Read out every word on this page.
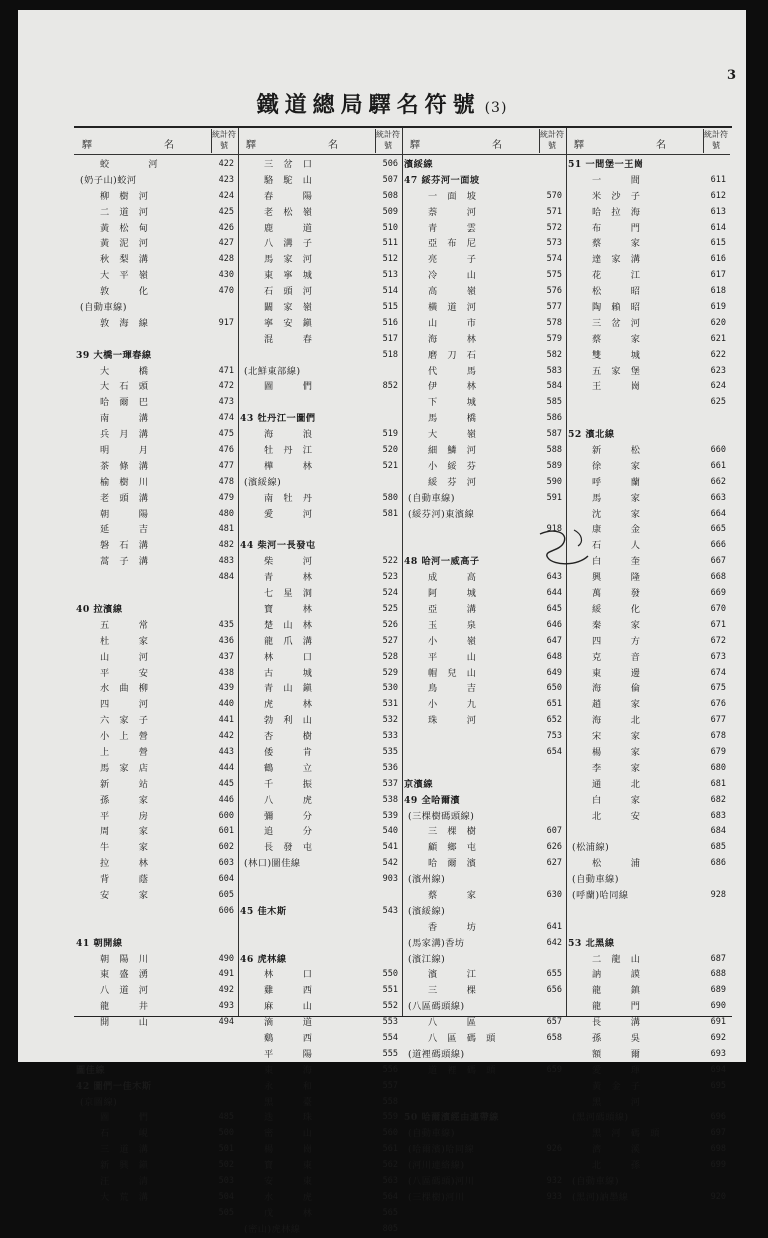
3
鐵道總局驛名符號 (3)
驛	名
統計符號
蛟　　　　河	422
(奶子山)蛟河	423
柳　樹　河	424
二　道　河	425
黃　松　甸	426
黃　泥　河	427
秋　梨　溝	428
大　平　嶺	430
敦　　　化	470
(自動車線)
敦　海　線	917
39 大橋一琿春線
大　　　橋	471
大　石　頭	472
哈　爾　巴	473
南　　　溝	474
兵　月　溝	475
明　　　月	476
茶　條　溝	477
榆　樹　川	478
老　頭　溝	479
朝　　　陽	480
延　　　吉	481
磐　石　溝	482
蒿　子　溝	483
484
40 拉濱線
五　　　常	435
杜　　　家	436
山　　　河	437
平　　　安	438
水　曲　柳	439
四　　　河	440
六　家　子	441
小　上　營	442
上　　　營	443
馬　家　店	444
新　　　站	445
孫　　　家	446
平　　　房	600
周　　　家	601
牛　　　家	602
拉　　　林	603
背　　　蔭	604
安　　　家	605
606
41 朝開線
朝　陽　川	490
東　盛　湧	491
八　道　河	492
龍　　　井	493
開　　　山	494
圖佳線
42 圖們一佳木斯
(京圖線)
圖　　　們	485
石　　　峴	500
三　道　溝	501
新　興　鎭	502
汪　　　清	503
大　荒　溝	504
505
驛	名
統計符號
三　岔　口	506
駱　駝　山	507
春　　　陽	508
老　松　嶺	509
鹿　　　道	510
八　溝　子	511
馬　家　河	512
東　寧　城	513
石　頭　河	514
闞　家　嶺	515
寧　安　鎭	516
混　　　春	517
518
(北鮮東部線)
圖　　　們	852
43 牡丹江一圖們
海　　　浪	519
牡　丹　江	520
樺　　　林	521
(濱綏線)
南　牡　丹	580
愛　　　河	581
44 柴河一長發屯
柴　　　河	522
青　　　林	523
七　星　洞	524
寶　　　林	525
楚　山　林	526
龍　爪　溝	527
林　　　口	528
古　　　城	529
青　山　鎭	530
虎　　　林	531
勃　利　山	532
杏　　　樹	533
倭　　　肯	535
鶴　　　立	536
千　　　振	537
八　　　虎	538
彌　　　分	539
追　　　分	540
長　發　屯	541
(林口)圖佳線	542
903
45 佳木斯	543
46 虎林線
林　　　口	550
雞　　　西	551
麻　　　山	552
滴　　　道	553
鷄　　　西	554
平　　　陽	555
東　　　海	556
永　　　和	557
黑　　　臺	558
迭　　　珠	559
密　　　山	560
楊　　　崗	561
寶　　　東	562
安　　　東	563
水　　　虎	564
戊　　　林	565
(密山)虎林線	805
驛	名
統計符號
濱綏線
47 綏芬河一面坡
一　面　坡	570
萘　　　河	571
青　　　雲	572
亞　布　尼	573
亮　　　子	574
冷　　　山	575
高　　　嶺	576
橫　道　河	577
山　　　市	578
海　　　林	579
磨　刀　石	582
代　　　馬	583
伊　　　林	584
下　　　城	585
馬　　　橋	586
大　　　嶺	587
細　鱗　河	588
小　綏　芬	589
綏　芬　河	590
(自動車線)	591
(綏芬河)東濱線
918
48 哈河一威高子
成　　　高	643
阿　　　城	644
亞　　　溝	645
玉　　　泉	646
小　　　嶺	647
平　　　山	648
帽　兒　山	649
鳥　　　吉	650
小　　　九	651
珠　　　河	652
753
654
京濱線
49 全哈爾濱
(三棵樹碼頭線)
三　棵　樹	607
顧　鄉　屯	626
哈　爾　濱	627
(濱州線)
蔡　　　家	630
(濱綏線)
香　　　坊	641
(馬家溝)香坊	642
(濱江線)
濱　　　江	655
三　　　棵	656
(八區碼頭線)
八　　　區	657
八　區　碼　頭	658
(道裡碼頭線)
道　裡　碼　頭	659
50 哈爾濱經由連帶線
(自動車線)
(哈爾濱)哈同線	926
(河川連絡線)
(八區碼頭)河川	932
(三棵樹)河川	933
驛	名
統計符號
51 一間堡一王崗
一　　　間	611
米　沙　子	612
哈　拉　海	613
布　　　門	614
蔡　　　家	615
達　家　溝	616
花　　　江	617
松　　　昭	618
陶　賴　昭	619
三　岔　河	620
蔡　　　家	621
雙　　　城	622
五　家　堡	623
王　　　崗	624
625
52 濱北線
新　　　松	660
徐　　　家	661
呼　　　蘭	662
馬　　　家	663
沈　　　家	664
康　　　金	665
石　　　人	666
白　　　奎	667
興　　　隆	668
萬　　　發	669
綏　　　化	670
秦　　　家	671
四　　　方	672
克　　　音	673
東　　　邊	674
海　　　倫	675
趙　　　家	676
海　　　北	677
宋　　　家	678
楊　　　家	679
李　　　家	680
通　　　北	681
白　　　家	682
北　　　安	683
684
(松浦線)	685
松　　　浦	686
(自動車線)
(呼蘭)哈同線	928
53 北黑線
二　龍　山	687
訥　　　謨	688
龍　　　鎮	689
龍　　　門	690
長　　　溝	691
孫　　　吳	692
額　　　爾	693
愛　　　琿	694
黃　金　子	695
黑　　　河
(黑河碼頭線)	696
黑　河　碼　頭	697
濟　　　溪	698
北　　　孫	699
(自動車線)
(黑河)訥墨線	920
